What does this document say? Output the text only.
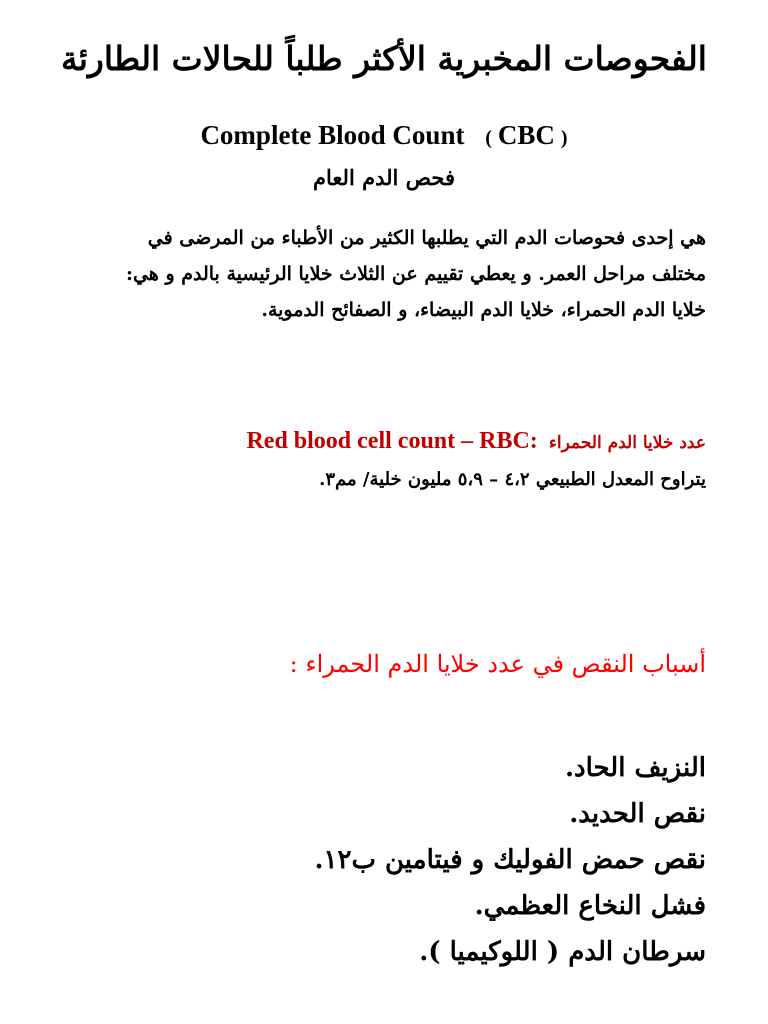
الفحوصات المخبرية الأكثر طلباً للحالات الطارئة
Complete Blood Count ( CBC )
فحص الدم العام
هي إحدى فحوصات الدم التي يطلبها الكثير من الأطباء من المرضى في
مختلف مراحل العمر. و يعطي تقييم عن الثلاث خلايا الرئيسية بالدم و هي:
خلايا الدم الحمراء، خلايا الدم البيضاء، و الصفائح الدموية.
عدد خلايا الدم الحمراء Red blood cell count – RBC:
يتراوح المعدل الطبيعي ٤،٢ – ٥،٩ مليون خلية/ مم٣.
أسباب النقص في عدد خلايا الدم الحمراء :
النزيف الحاد.
نقص الحديد.
نقص حمض الفوليك و فيتامين ب١٢.
فشل النخاع العظمي.
سرطان الدم ( اللوكيميا ).
